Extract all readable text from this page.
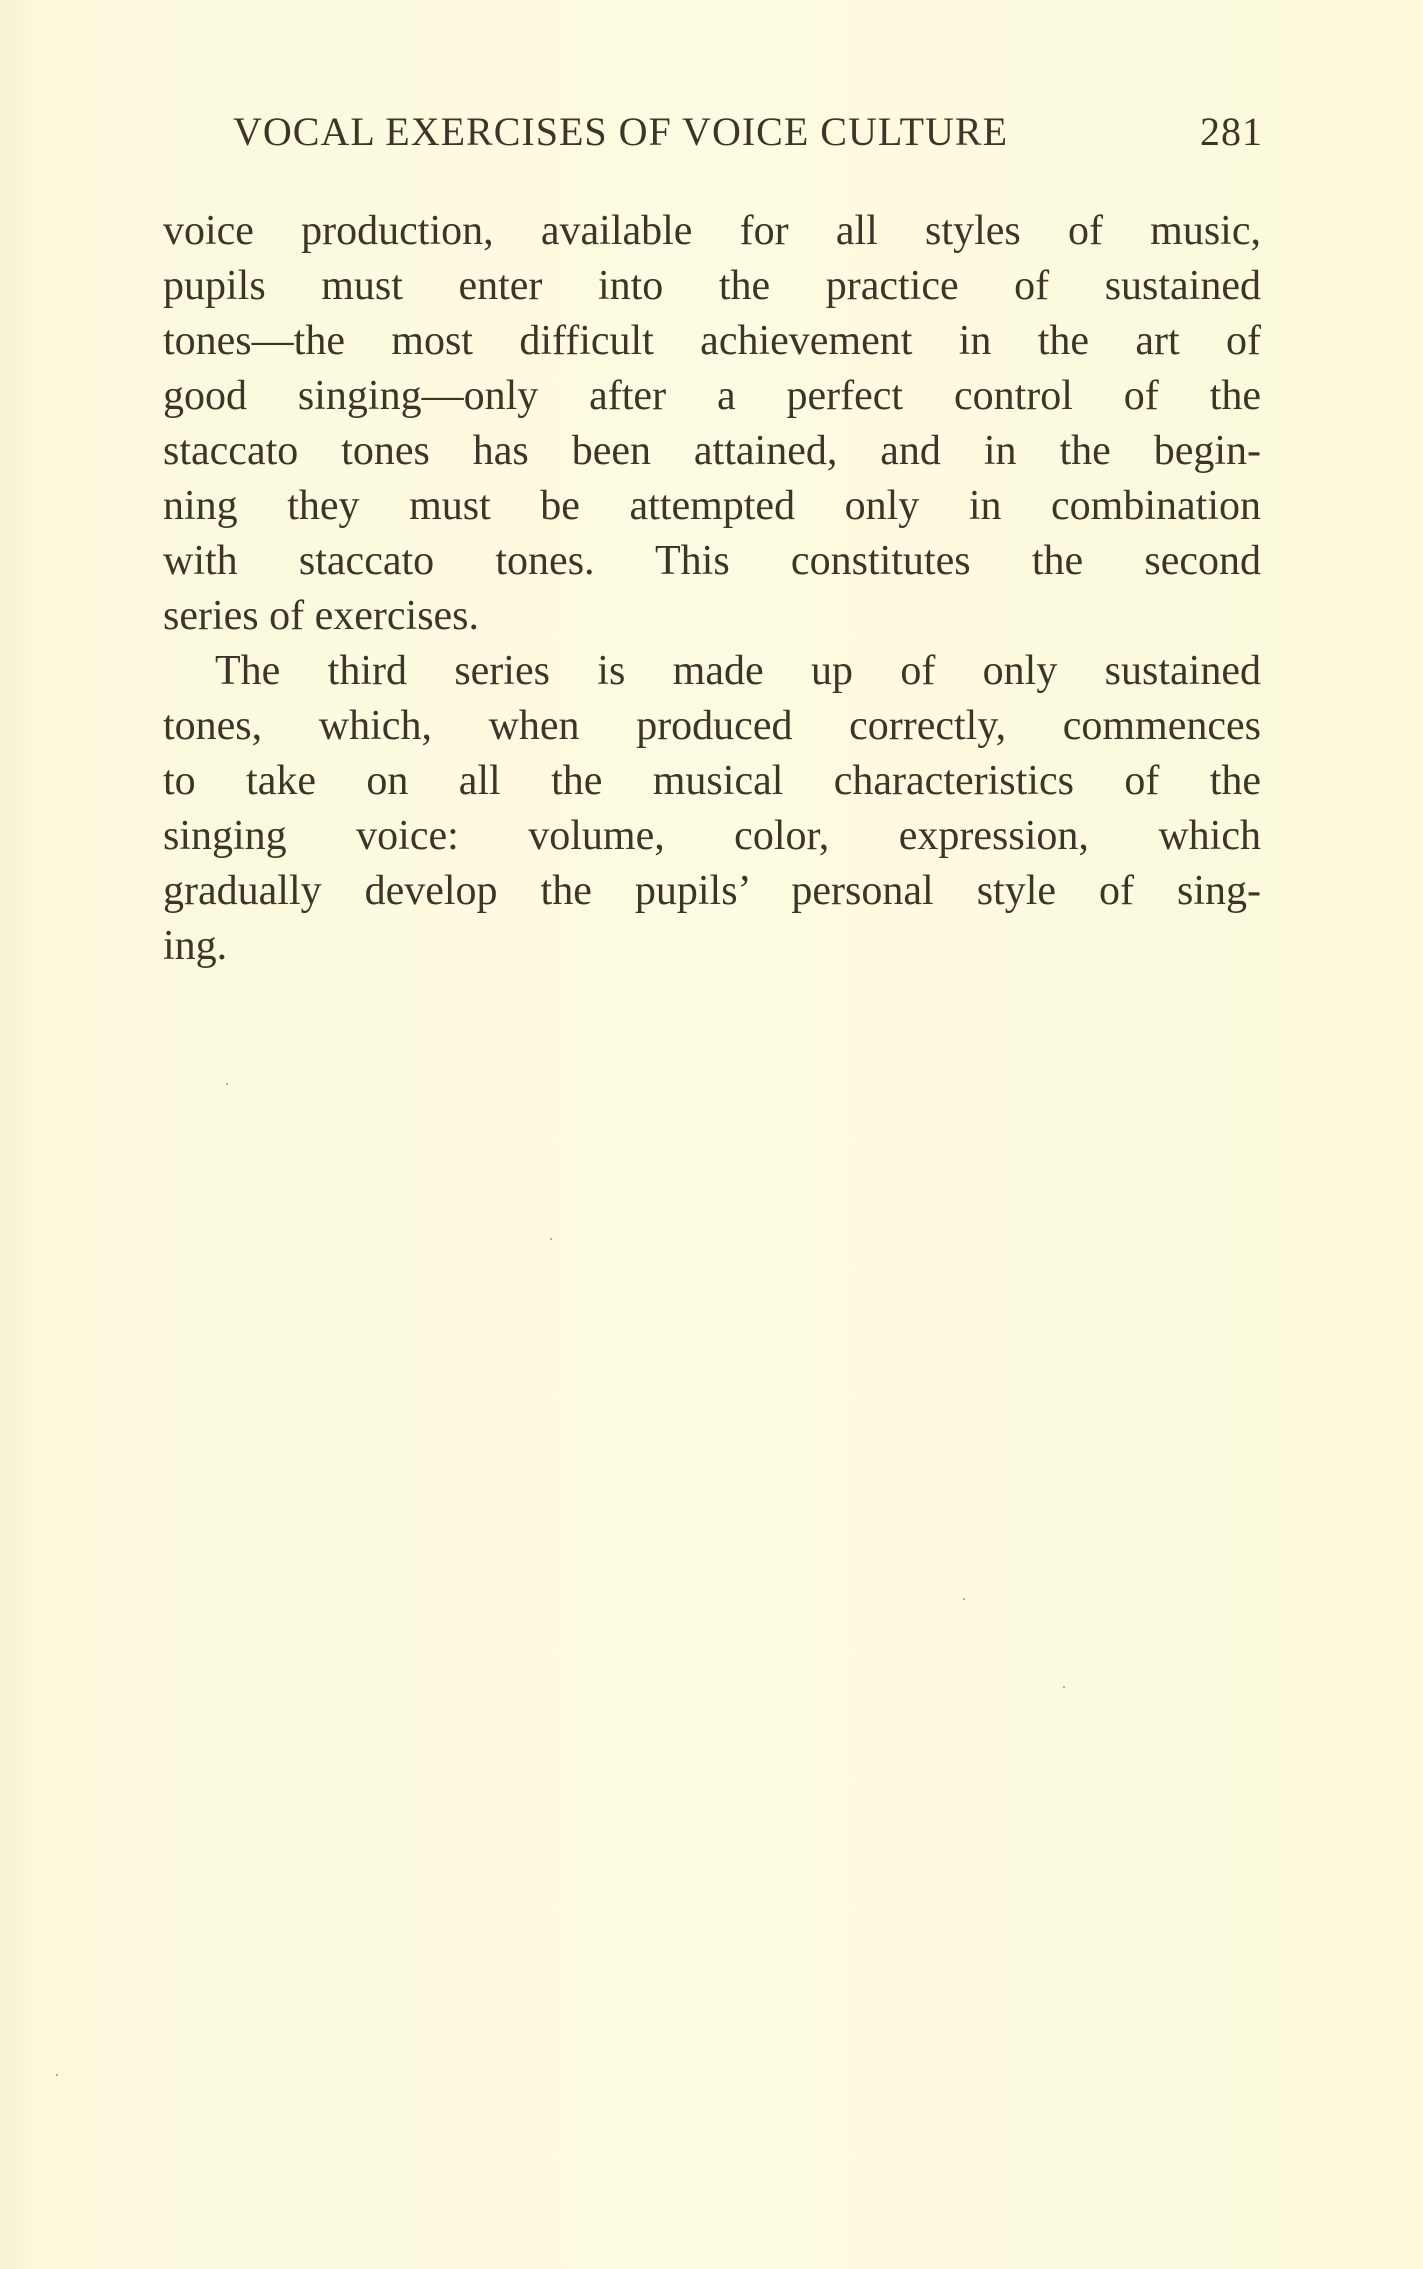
VOCAL EXERCISES OF VOICE CULTURE	281
voice production, available for all styles of music,
pupils must enter into the practice of sustained
tones—the most difficult achievement in the art of
good singing—only after a perfect control of the
staccato tones has been attained, and in the begin-
ning they must be attempted only in combination
with staccato tones. This constitutes the second
series of exercises.
The third series is made up of only sustained
tones, which, when produced correctly, commences
to take on all the musical characteristics of the
singing voice: volume, color, expression, which
gradually develop the pupils’ personal style of sing-
ing.
